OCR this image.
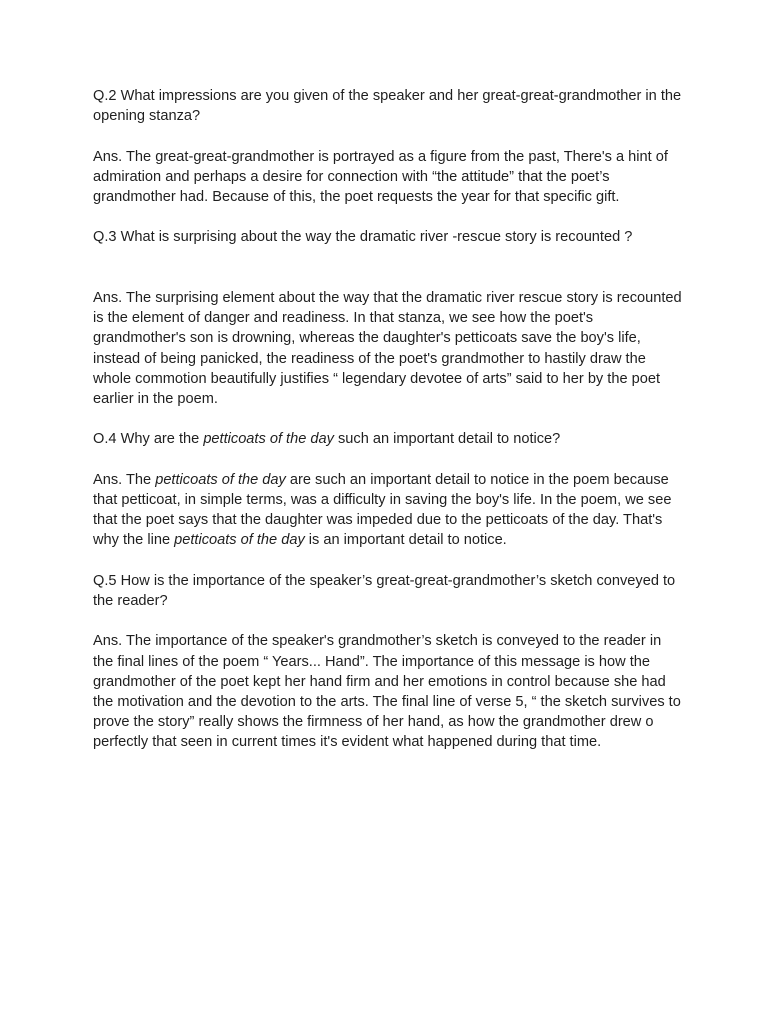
Q.2 What impressions are you given of the speaker and her great-great-grandmother in the opening stanza?

Ans. The great-great-grandmother is portrayed as a figure from the past, There's a hint of admiration and perhaps a desire for connection with “the attitude” that the poet’s grandmother had. Because of this, the poet requests the year for that specific gift.

Q.3 What is surprising about the way the dramatic river -rescue story is recounted ?

Ans. The surprising element about the way that the dramatic river rescue story is recounted is the element of danger and readiness. In that stanza, we see how the poet's grandmother's son is drowning, whereas the daughter's petticoats save the boy's life, instead of being panicked, the readiness of the poet's grandmother to hastily draw the whole commotion beautifully justifies “ legendary devotee of arts” said to her by the poet earlier in the poem.

O.4 Why are the petticoats of the day such an important detail to notice?

Ans. The petticoats of the day are such an important detail to notice in the poem because that petticoat, in simple terms, was a difficulty in saving the boy's life. In the poem, we see that the poet says that the daughter was impeded due to the petticoats of the day. That's why the line petticoats of the day is an important detail to notice.

Q.5 How is the importance of the speaker’s great-great-grandmother’s sketch conveyed to the reader?

Ans. The importance of the speaker's grandmother’s sketch is conveyed to the reader in the final lines of the poem “ Years... Hand”. The importance of this message is how the grandmother of the poet kept her hand firm and her emotions in control because she had the motivation and the devotion to the arts. The final line of verse 5, “ the sketch survives to prove the story” really shows the firmness of her hand, as how the grandmother drew o perfectly that seen in current times it's evident what happened during that time.
